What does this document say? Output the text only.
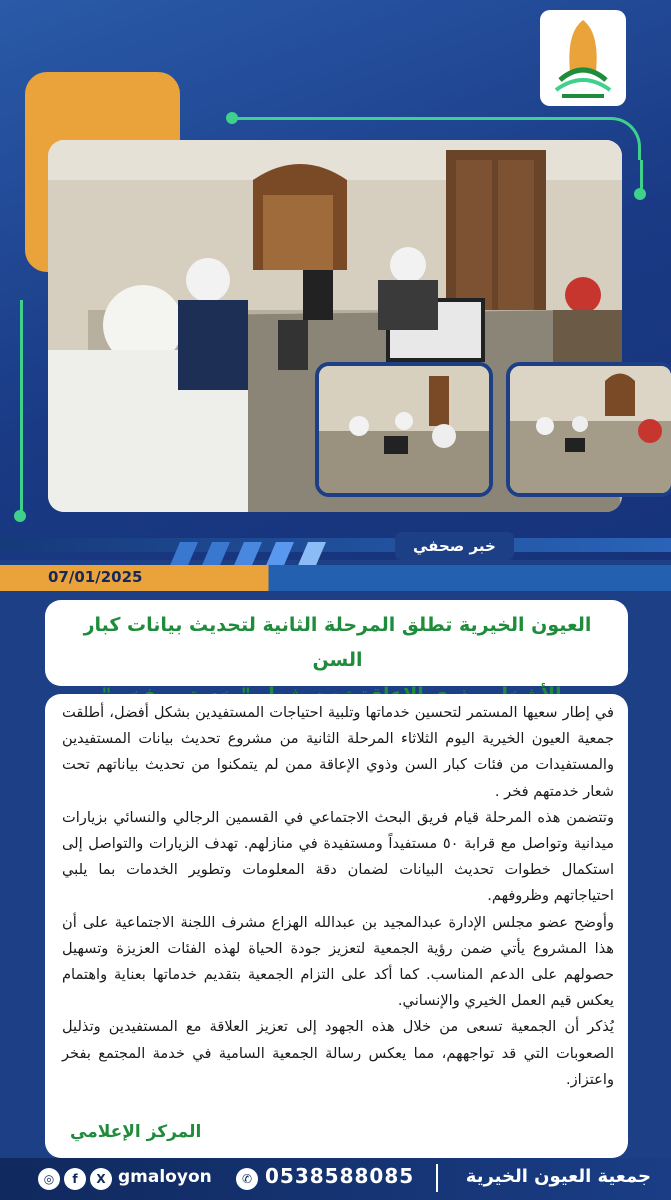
خبر صحفي
07/01/2025
العيون الخيرية تطلق المرحلة الثانية لتحديث بيانات كبار السن

في إطار سعيها المستمر لتحسين خدماتها وتلبية احتياجات المستفيدين بشكل أفضل، أطلقت جمعية العيون الخيرية اليوم الثلاثاء المرحلة الثانية من مشروع تحديث بيانات المستفيدين والمستفيدات من فئات كبار السن وذوي الإعاقة ممن لم يتمكنوا من تحديث بياناتهم تحت شعار خدمتهم فخر .

وتتضمن هذه المرحلة قيام فريق البحث الاجتماعي في القسمين الرجالي والنسائي بزيارات ميدانية وتواصل مع قرابة ٥٠ مستفيداً ومستفيدة في منازلهم. تهدف الزيارات والتواصل إلى استكمال خطوات تحديث البيانات لضمان دقة المعلومات وتطوير الخدمات بما يلبي احتياجاتهم وظروفهم.

وأوضح عضو مجلس الإدارة عبدالمجيد بن عبدالله الهزاع مشرف اللجنة الاجتماعية على أن هذا المشروع يأتي ضمن رؤية الجمعية لتعزيز جودة الحياة لهذه الفئات العزيزة وتسهيل حصولهم على الدعم المناسب. كما أكد على التزام الجمعية بتقديم خدماتها بعناية واهتمام يعكس قيم العمل الخيري والإنساني.

يُذكر أن الجمعية تسعى من خلال هذه الجهود إلى تعزيز العلاقة مع المستفيدين وتذليل الصعوبات التي قد تواجههم، مما يعكس رسالة الجمعية السامية في خدمة المجتمع بفخر واعتزاز.

المركز الإعلامي
جمعية العيون الخيرية
0538588085
✆
gmaloyon
X
f
◎
